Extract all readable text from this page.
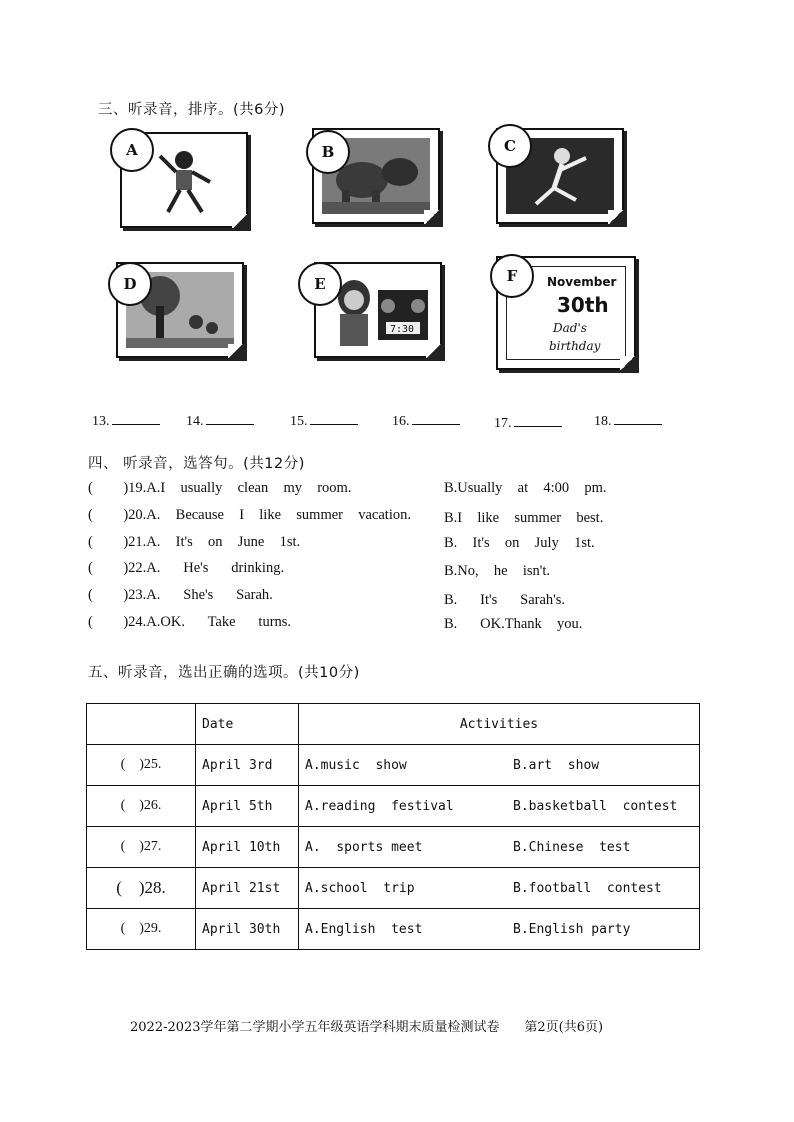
三、听录音，排序。(共6分)
A	B	C
D
7:30
E	November
30th
Dad's
birthday
F
13.	14.	15.	16.	17.	18.
四、 听录音，选答句。(共12分)
(    )19.A.I  usually  clean  my  room.	B.Usually  at  4:00  pm.
(    )20.A.  Because  I  like  summer  vacation. B.I  like  summer  best.
(    )21.A.  It's  on  June  1st.	B.  It's  on  July  1st.
(    )22.A.   He's   drinking.	B.No,  he  isn't.
(    )23.A.   She's   Sarah.	B.   It's   Sarah's.
(    )24.A.OK.   Take   turns.	B.   OK.Thank  you.
五、听录音，选出正确的选项。(共10分)
	Date	Activities	
(    )25.	April 3rd	A.music  show	B.art  show
(    )26.	April 5th	A.reading  festival	B.basketball  contest
(    )27.	April 10th	A.  sports meet	B.Chinese  test
(    )28.	April 21st	A.school  trip	B.football  contest
(    )29.	April 30th	A.English  test	B.English party
2022-2023学年第二学期小学五年级英语学科期末质量检测试卷      第2页(共6页)
